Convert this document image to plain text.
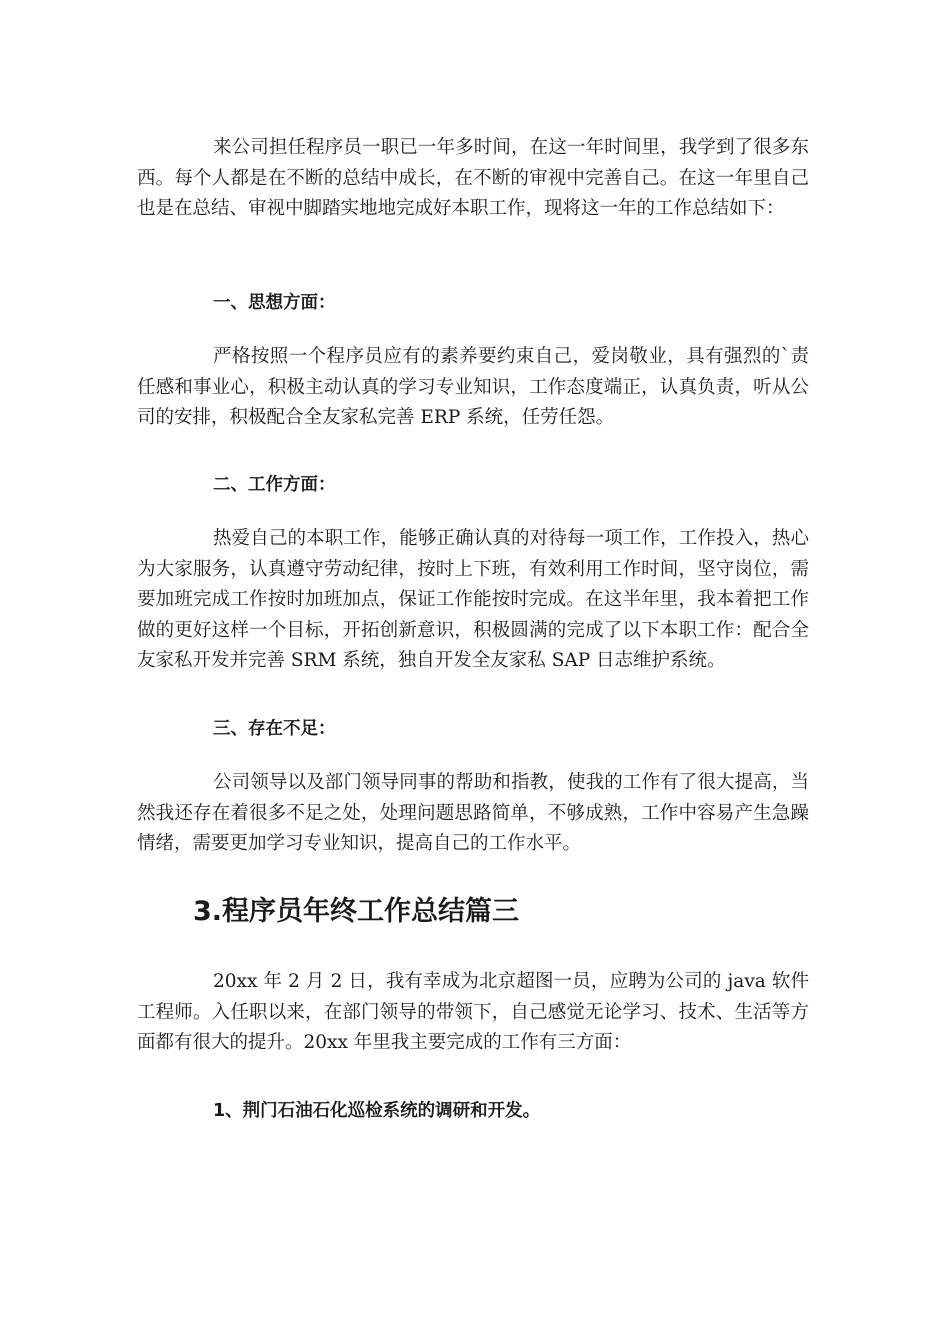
来公司担任程序员一职已一年多时间，在这一年时间里，我学到了很多东西。每个人都是在不断的总结中成长，在不断的审视中完善自己。在这一年里自己也是在总结、审视中脚踏实地地完成好本职工作，现将这一年的工作总结如下：

一、思想方面：

严格按照一个程序员应有的素养要约束自己，爱岗敬业，具有强烈的`责任感和事业心，积极主动认真的学习专业知识，工作态度端正，认真负责，听从公司的安排，积极配合全友家私完善 ERP 系统，任劳任怨。

二、工作方面：

热爱自己的本职工作，能够正确认真的对待每一项工作，工作投入，热心为大家服务，认真遵守劳动纪律，按时上下班，有效利用工作时间，坚守岗位，需要加班完成工作按时加班加点，保证工作能按时完成。在这半年里，我本着把工作做的更好这样一个目标，开拓创新意识，积极圆满的完成了以下本职工作：配合全友家私开发并完善 SRM 系统，独自开发全友家私 SAP 日志维护系统。

三、存在不足：

公司领导以及部门领导同事的帮助和指教，使我的工作有了很大提高，当然我还存在着很多不足之处，处理问题思路简单，不够成熟，工作中容易产生急躁情绪，需要更加学习专业知识，提高自己的工作水平。

3.程序员年终工作总结篇三

20xx 年 2 月 2 日，我有幸成为北京超图一员，应聘为公司的 java 软件工程师。入任职以来，在部门领导的带领下，自己感觉无论学习、技术、生活等方面都有很大的提升。20xx 年里我主要完成的工作有三方面：

1、荆门石油石化巡检系统的调研和开发。
